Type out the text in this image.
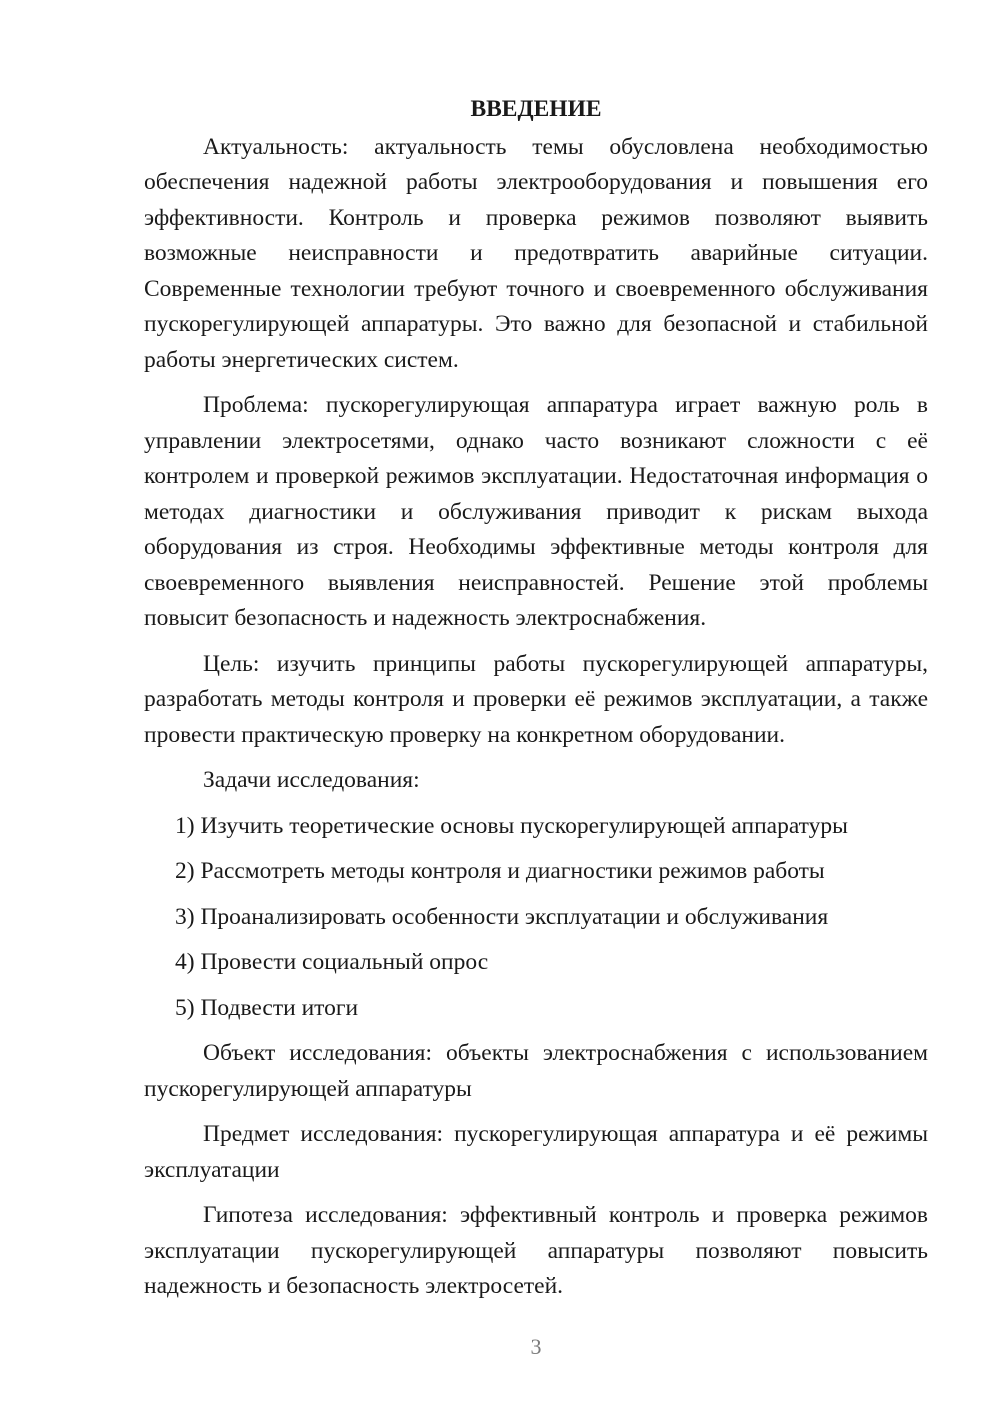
ВВЕДЕНИЕ

Актуальность: актуальность темы обусловлена необходимостью обеспечения надежной работы электрооборудования и повышения его эффективности. Контроль и проверка режимов позволяют выявить возможные неисправности и предотвратить аварийные ситуации. Современные технологии требуют точного и своевременного обслуживания пускорегулирующей аппаратуры. Это важно для безопасной и стабильной работы энергетических систем.

Проблема: пускорегулирующая аппаратура играет важную роль в управлении электросетями, однако часто возникают сложности с её контролем и проверкой режимов эксплуатации. Недостаточная информация о методах диагностики и обслуживания приводит к рискам выхода оборудования из строя. Необходимы эффективные методы контроля для своевременного выявления неисправностей. Решение этой проблемы повысит безопасность и надежность электроснабжения.

Цель: изучить принципы работы пускорегулирующей аппаратуры, разработать методы контроля и проверки её режимов эксплуатации, а также провести практическую проверку на конкретном оборудовании.

Задачи исследования:

1) Изучить теоретические основы пускорегулирующей аппаратуры
2) Рассмотреть методы контроля и диагностики режимов работы
3) Проанализировать особенности эксплуатации и обслуживания
4) Провести социальный опрос
5) Подвести итоги

Объект исследования: объекты электроснабжения с использованием пускорегулирующей аппаратуры

Предмет исследования: пускорегулирующая аппаратура и её режимы эксплуатации

Гипотеза исследования: эффективный контроль и проверка режимов эксплуатации пускорегулирующей аппаратуры позволяют повысить надежность и безопасность электросетей.

3
